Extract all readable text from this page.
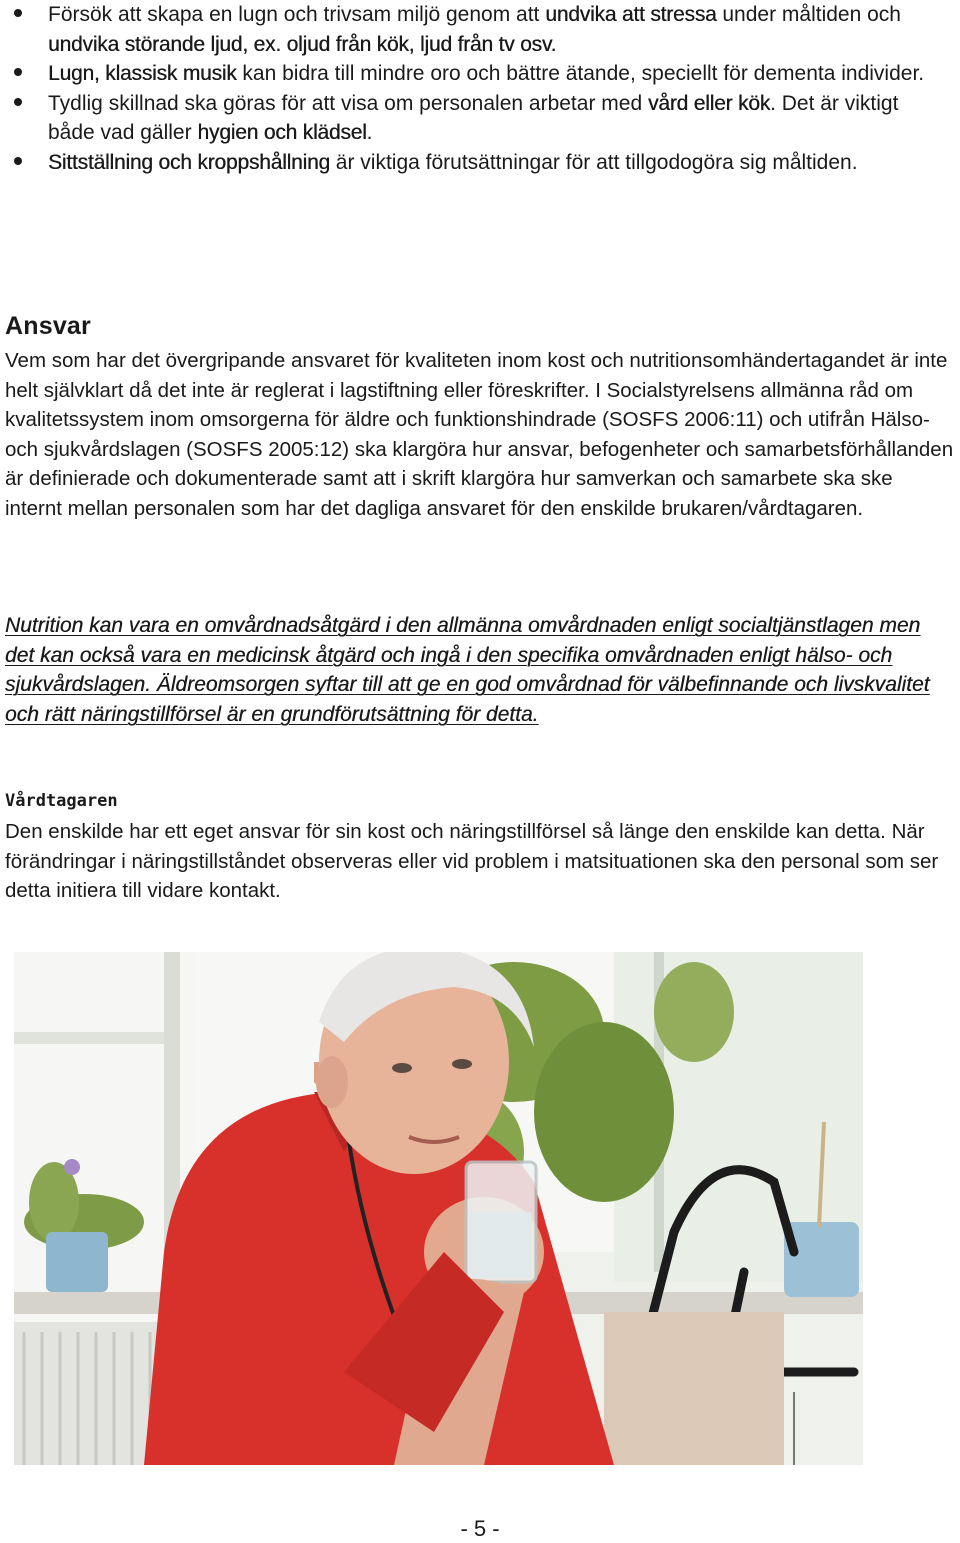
Försök att skapa en lugn och trivsam miljö genom att undvika att stressa under måltiden och undvika störande ljud, ex. oljud från kök, ljud från tv osv.
Lugn, klassisk musik kan bidra till mindre oro och bättre ätande, speciellt för dementa individer.
Tydlig skillnad ska göras för att visa om personalen arbetar med vård eller kök. Det är viktigt både vad gäller hygien och klädsel.
Sittställning och kroppshållning är viktiga förutsättningar för att tillgodogöra sig måltiden.
Ansvar
Vem som har det övergripande ansvaret för kvaliteten inom kost och nutritionsomhändertagandet är inte helt självklart då det inte är reglerat i lagstiftning eller föreskrifter. I Socialstyrelsens allmänna råd om kvalitetssystem inom omsorgerna för äldre och funktionshindrade (SOSFS 2006:11) och utifrån Hälso- och sjukvårdslagen (SOSFS 2005:12) ska klargöra hur ansvar, befogenheter och samarbetsförhållanden är definierade och dokumenterade samt att i skrift klargöra hur samverkan och samarbete ska ske internt mellan personalen som har det dagliga ansvaret för den enskilde brukaren/vårdtagaren.
Nutrition kan vara en omvårdnadsåtgärd i den allmänna omvårdnaden enligt socialtjänstlagen men det kan också vara en medicinsk åtgärd och ingå i den specifika omvårdnaden enligt hälso- och sjukvårdslagen. Äldreomsorgen syftar till att ge en god omvårdnad för välbefinnande och livskvalitet och rätt näringstillförsel är en grundförutsättning för detta.
Vårdtagaren
Den enskilde har ett eget ansvar för sin kost och näringstillförsel så länge den enskilde kan detta. När förändringar i näringstillståndet observeras eller vid problem i matsituationen ska den personal som ser detta initiera till vidare kontakt.
- 5 -
